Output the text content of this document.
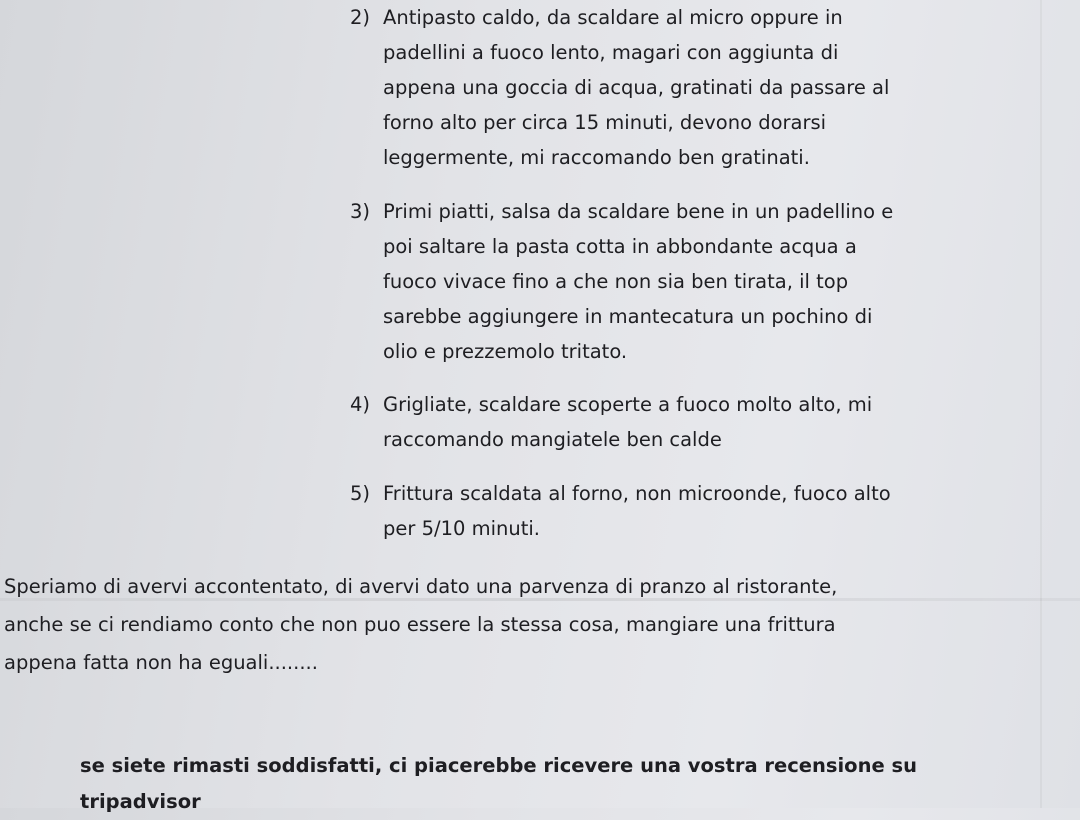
2) Antipasto caldo, da scaldare al micro oppure in
padellini a fuoco lento, magari con aggiunta di
appena una goccia di acqua, gratinati da passare al
forno alto per circa 15 minuti, devono dorarsi
leggermente, mi raccomando ben gratinati.
3) Primi piatti, salsa da scaldare bene in un padellino e
poi saltare la pasta cotta in abbondante acqua a
fuoco vivace fino a che non sia ben tirata, il top
sarebbe aggiungere in mantecatura un pochino di
olio e prezzemolo tritato.
4) Grigliate, scaldare scoperte a fuoco molto alto, mi
raccomando mangiatele ben calde
5) Frittura scaldata al forno, non microonde, fuoco alto
per 5/10 minuti.
Speriamo di avervi accontentato, di avervi dato una parvenza di pranzo al ristorante,
anche se ci rendiamo conto che non puo essere la stessa cosa, mangiare una frittura
appena fatta non ha eguali........
se siete rimasti soddisfatti, ci piacerebbe ricevere una vostra recensione su
tripadvisor
